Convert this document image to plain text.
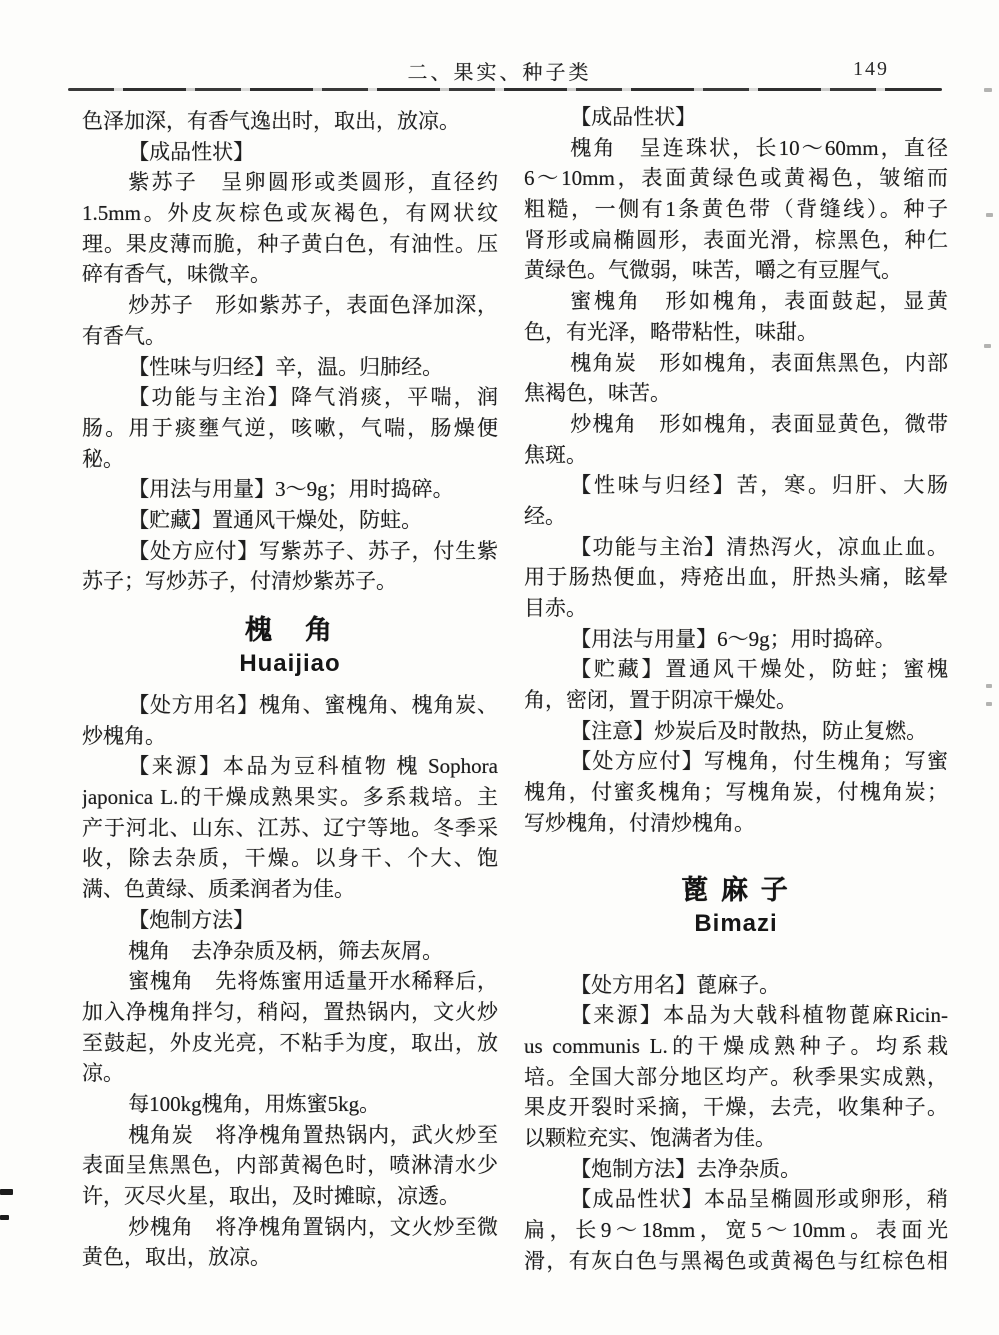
二、果实、种子类	149
色泽加深，有香气逸出时，取出，放凉。
【成品性状】
紫苏子　呈卵圆形或类圆形，直径约
1.5mm。外皮灰棕色或灰褐色，有网状纹
理。果皮薄而脆，种子黄白色，有油性。压
碎有香气，味微辛。
炒苏子　形如紫苏子，表面色泽加深，
有香气。
【性味与归经】辛，温。归肺经。
【功能与主治】降气消痰，平喘，润
肠。用于痰壅气逆，咳嗽，气喘，肠燥便
秘。
【用法与用量】3～9g；用时捣碎。
【贮藏】置通风干燥处，防蛀。
【处方应付】写紫苏子、苏子，付生紫
苏子；写炒苏子，付清炒紫苏子。
槐　角
Huaijiao
【处方用名】槐角、蜜槐角、槐角炭、
炒槐角。
【来源】本品为豆科植物 槐 Sophora
japonica L.的干燥成熟果实。多系栽培。主
产于河北、山东、江苏、辽宁等地。冬季采
收，除去杂质，干燥。以身干、个大、饱
满、色黄绿、质柔润者为佳。
【炮制方法】
槐角　去净杂质及柄，筛去灰屑。
蜜槐角　先将炼蜜用适量开水稀释后，
加入净槐角拌匀，稍闷，置热锅内，文火炒
至鼓起，外皮光亮，不粘手为度，取出，放
凉。
每100kg槐角，用炼蜜5kg。
槐角炭　将净槐角置热锅内，武火炒至
表面呈焦黑色，内部黄褐色时，喷淋清水少
许，灭尽火星，取出，及时摊晾，凉透。
炒槐角　将净槐角置锅内，文火炒至微
黄色，取出，放凉。
【成品性状】
槐角　呈连珠状，长10～60mm，直径
6～10mm，表面黄绿色或黄褐色，皱缩而
粗糙，一侧有1条黄色带（背缝线）。种子
肾形或扁椭圆形，表面光滑，棕黑色，种仁
黄绿色。气微弱，味苦，嚼之有豆腥气。
蜜槐角　形如槐角，表面鼓起，显黄
色，有光泽，略带粘性，味甜。
槐角炭　形如槐角，表面焦黑色，内部
焦褐色，味苦。
炒槐角　形如槐角，表面显黄色，微带
焦斑。
【性味与归经】苦，寒。归肝、大肠
经。
【功能与主治】清热泻火，凉血止血。
用于肠热便血，痔疮出血，肝热头痛，眩晕
目赤。
【用法与用量】6～9g；用时捣碎。
【贮藏】置通风干燥处，防蛀；蜜槐
角，密闭，置于阴凉干燥处。
【注意】炒炭后及时散热，防止复燃。
【处方应付】写槐角，付生槐角；写蜜
槐角，付蜜炙槐角；写槐角炭，付槐角炭；
写炒槐角，付清炒槐角。
蓖 麻 子
Bimazi
【处方用名】蓖麻子。
【来源】本品为大戟科植物蓖麻Ricin-
us communis L.的干燥成熟种子。均系栽
培。全国大部分地区均产。秋季果实成熟，
果皮开裂时采摘，干燥，去壳，收集种子。
以颗粒充实、饱满者为佳。
【炮制方法】去净杂质。
【成品性状】本品呈椭圆形或卵形，稍
扁，长9～18mm，宽5～10mm。表面光
滑，有灰白色与黑褐色或黄褐色与红棕色相
